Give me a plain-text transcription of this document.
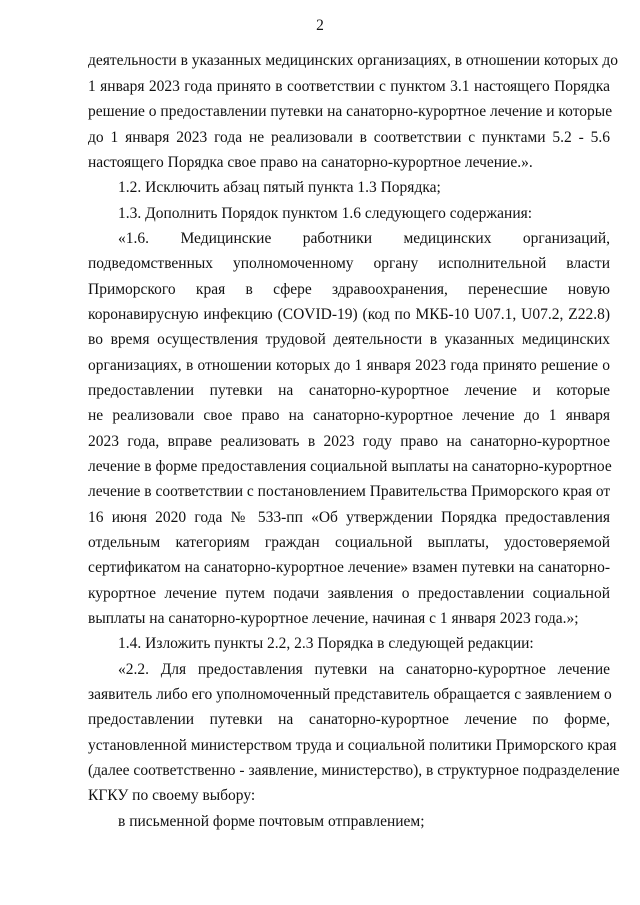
2
деятельности в указанных медицинских организациях, в отношении которых до
1 января 2023 года принято в соответствии с пунктом 3.1 настоящего Порядка
решение о предоставлении путевки на санаторно-курортное лечение и которые
до 1 января 2023 года не реализовали в соответствии с пунктами 5.2 - 5.6
настоящего Порядка свое право на санаторно-курортное лечение.».
1.2. Исключить абзац пятый пункта 1.3 Порядка;
1.3. Дополнить Порядок пунктом 1.6 следующего содержания:
«1.6. Медицинские работники медицинских организаций,
подведомственных уполномоченному органу исполнительной власти
Приморского края в сфере здравоохранения, перенесшие новую
коронавирусную инфекцию (COVID-19) (код по МКБ-10 U07.1, U07.2, Z22.8)
во время осуществления трудовой деятельности в указанных медицинских
организациях, в отношении которых до 1 января 2023 года принято решение о
предоставлении путевки на санаторно-курортное лечение и которые
не реализовали свое право на санаторно-курортное лечение до 1 января
2023 года, вправе реализовать в 2023 году право на санаторно-курортное
лечение в форме предоставления социальной выплаты на санаторно-курортное
лечение в соответствии с постановлением Правительства Приморского края от
16 июня 2020 года № 533-пп «Об утверждении Порядка предоставления
отдельным категориям граждан социальной выплаты, удостоверяемой
сертификатом на санаторно-курортное лечение» взамен путевки на санаторно-
курортное лечение путем подачи заявления о предоставлении социальной
выплаты на санаторно-курортное лечение, начиная с 1 января 2023 года.»;
1.4. Изложить пункты 2.2, 2.3 Порядка в следующей редакции:
«2.2. Для предоставления путевки на санаторно-курортное лечение
заявитель либо его уполномоченный представитель обращается с заявлением о
предоставлении путевки на санаторно-курортное лечение по форме,
установленной министерством труда и социальной политики Приморского края
(далее соответственно - заявление, министерство), в структурное подразделение
КГКУ по своему выбору:
в письменной форме почтовым отправлением;
